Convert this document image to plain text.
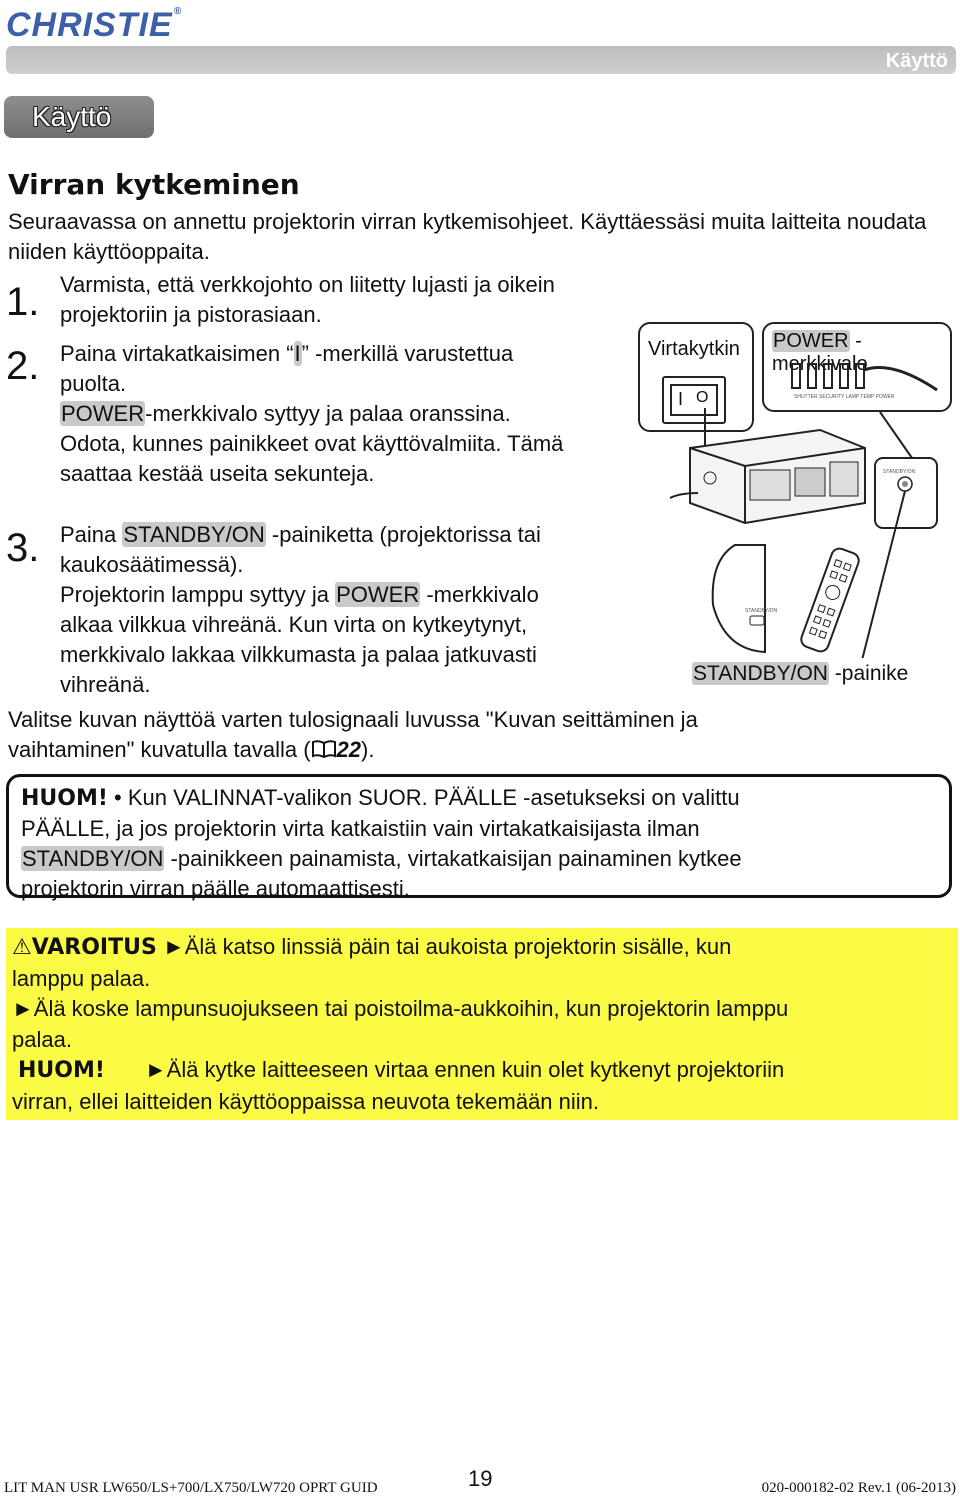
CHRISTIE®
Käyttö
Käyttö
Virran kytkeminen
Seuraavassa on annettu projektorin virran kytkemisohjeet. Käyttäessäsi muita laitteita noudata niiden käyttöoppaita.
1. Varmista, että verkkojohto on liitetty lujasti ja oikein projektoriin ja pistorasiaan.
2. Paina virtakatkaisimen “I” -merkillä varustettua
puolta.
POWER-merkkivalo syttyy ja palaa oranssina.
Odota, kunnes painikkeet ovat käyttövalmiita. Tämä
saattaa kestää useita sekunteja.
3. Paina STANDBY/ON -painiketta (projektorissa tai
kaukosäätimessä).
Projektorin lamppu syttyy ja POWER -merkkivalo
alkaa vilkkua vihreänä. Kun virta on kytkeytynyt,
merkkivalo lakkaa vilkkumasta ja palaa jatkuvasti
vihreänä.
Valitse kuvan näyttöä varten tulosignaali luvussa "Kuvan seittäminen ja
vaihtaminen" kuvatulla tavalla ( 22).
Virtakytkin
I O
POWER - merkkivalo
SHUTTER SECURITY LAMP TEMP POWER
STANDBY/ON
STANDBY/ON
STANDBY/ON -painike
HUOM! • Kun VALINNAT-valikon SUOR. PÄÄLLE -asetukseksi on valittu
PÄÄLLE, ja jos projektorin virta katkaistiin vain virtakatkaisijasta ilman
STANDBY/ON -painikkeen painamista, virtakatkaisijan painaminen kytkee
projektorin virran päälle automaattisesti.
⚠VAROITUS ►Älä katso linssiä päin tai aukoista projektorin sisälle, kun
lamppu palaa.
►Älä koske lampunsuojukseen tai poistoilma-aukkoihin, kun projektorin lamppu
palaa.
HUOM! ►Älä kytke laitteeseen virtaa ennen kuin olet kytkenyt projektoriin
virran, ellei laitteiden käyttöoppaissa neuvota tekemään niin.
LIT MAN USR LW650/LS+700/LX750/LW720 OPRT GUID	19	020-000182-02 Rev.1 (06-2013)
